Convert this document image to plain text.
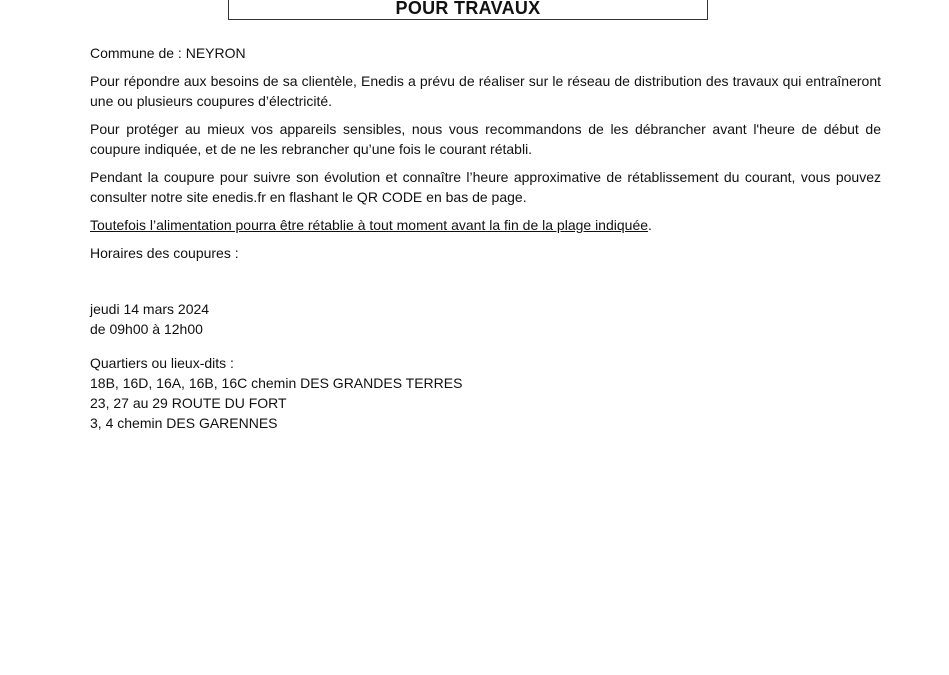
POUR TRAVAUX

Commune de : NEYRON

Pour répondre aux besoins de sa clientèle, Enedis a prévu de réaliser sur le réseau de distribution des travaux qui entraîneront une ou plusieurs coupures d’électricité.

Pour protéger au mieux vos appareils sensibles, nous vous recommandons de les débrancher avant l'heure de début de coupure indiquée, et de ne les rebrancher qu’une fois le courant rétabli.

Pendant la coupure pour suivre son évolution et connaître l’heure approximative de rétablissement du courant, vous pouvez consulter notre site enedis.fr en flashant le QR CODE en bas de page.

Toutefois l’alimentation pourra être rétablie à tout moment avant la fin de la plage indiquée.

Horaires des coupures :

jeudi 14 mars 2024

de 09h00 à 12h00

Quartiers ou lieux-dits :

18B, 16D, 16A, 16B, 16C chemin DES GRANDES TERRES

23, 27 au 29 ROUTE DU FORT

3, 4 chemin DES GARENNES
